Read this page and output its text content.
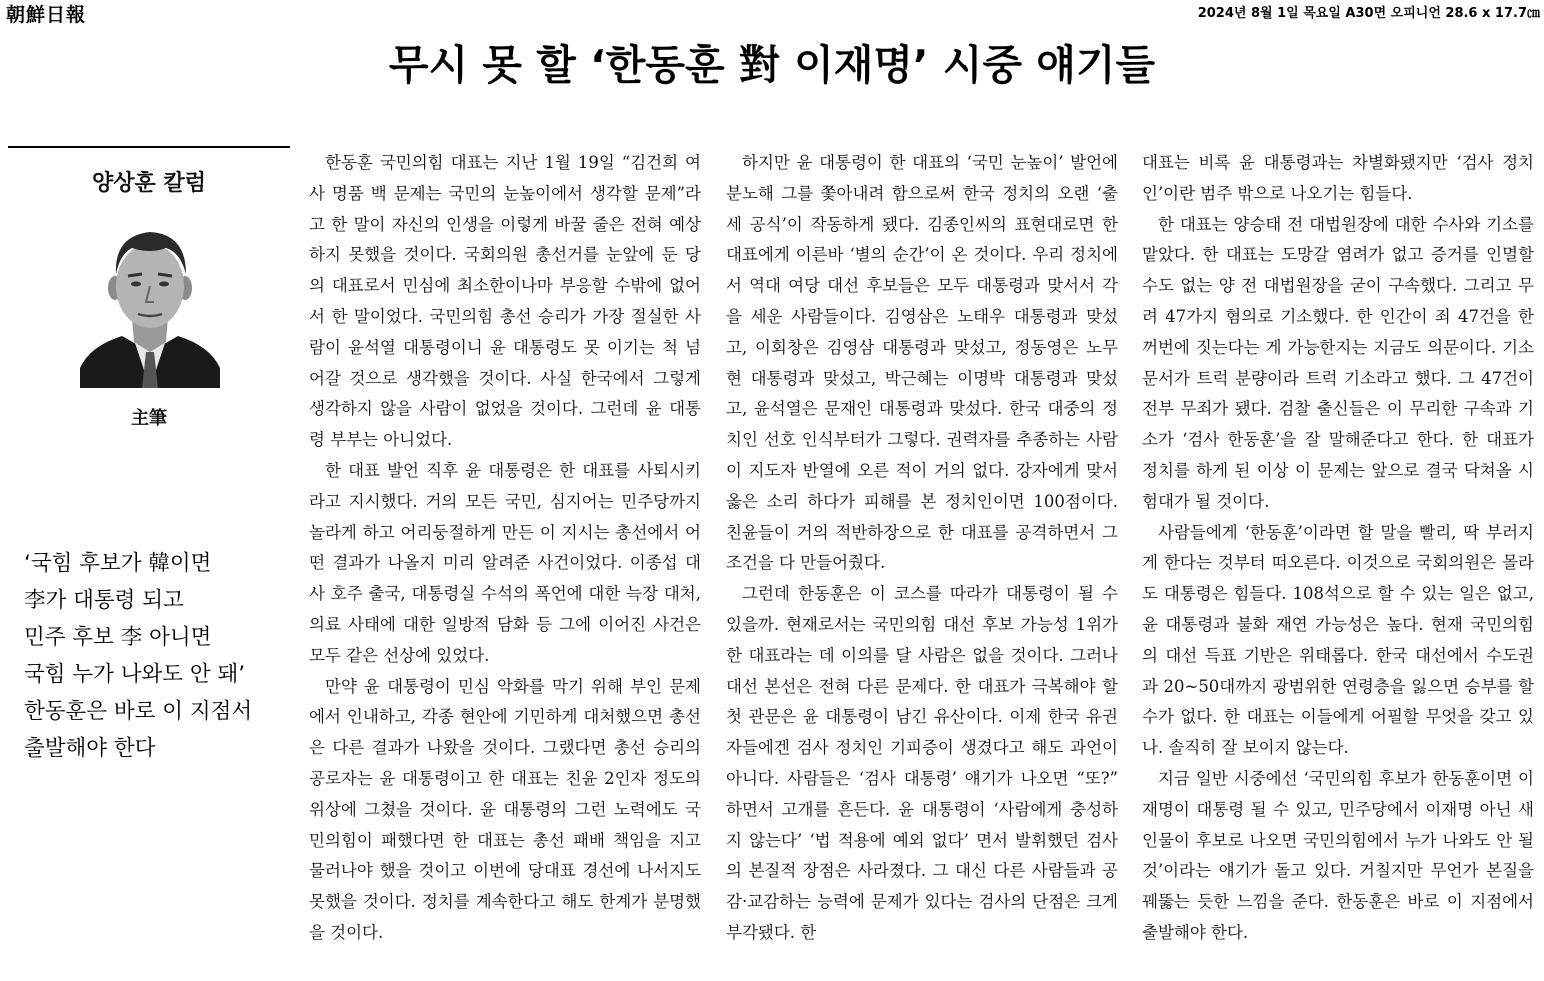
朝鮮日報	2024년 8월 1일 목요일 A30면 오피니언 28.6 x 17.7㎝
무시 못 할 ‘한동훈 對 이재명’ 시중 얘기들
양상훈 칼럼
主筆
‘국힘 후보가 韓이면
李가 대통령 되고
민주 후보 李 아니면
국힘 누가 나와도 안 돼’
한동훈은 바로 이 지점서
출발해야 한다

한동훈 국민의힘 대표는 지난 1월 19일 “김건희 여사 명품 백 문제는 국민의 눈높이에서 생각할 문제”라고 한 말이 자신의 인생을 이렇게 바꿀 줄은 전혀 예상하지 못했을 것이다. 국회의원 총선거를 눈앞에 둔 당의 대표로서 민심에 최소한이나마 부응할 수밖에 없어서 한 말이었다. 국민의힘 총선 승리가 가장 절실한 사람이 윤석열 대통령이니 윤 대통령도 못 이기는 척 넘어갈 것으로 생각했을 것이다. 사실 한국에서 그렇게 생각하지 않을 사람이 없었을 것이다. 그런데 윤 대통령 부부는 아니었다.

한 대표 발언 직후 윤 대통령은 한 대표를 사퇴시키라고 지시했다. 거의 모든 국민, 심지어는 민주당까지 놀라게 하고 어리둥절하게 만든 이 지시는 총선에서 어떤 결과가 나올지 미리 알려준 사건이었다. 이종섭 대사 호주 출국, 대통령실 수석의 폭언에 대한 늑장 대처, 의료 사태에 대한 일방적 담화 등 그에 이어진 사건은 모두 같은 선상에 있었다.

만약 윤 대통령이 민심 악화를 막기 위해 부인 문제에서 인내하고, 각종 현안에 기민하게 대처했으면 총선은 다른 결과가 나왔을 것이다. 그랬다면 총선 승리의 공로자는 윤 대통령이고 한 대표는 친윤 2인자 정도의 위상에 그쳤을 것이다. 윤 대통령의 그런 노력에도 국민의힘이 패했다면 한 대표는 총선 패배 책임을 지고 물러나야 했을 것이고 이번에 당대표 경선에 나서지도 못했을 것이다. 정치를 계속한다고 해도 한계가 분명했을 것이다.

하지만 윤 대통령이 한 대표의 ‘국민 눈높이’ 발언에 분노해 그를 쫓아내려 함으로써 한국 정치의 오랜 ‘출세 공식’이 작동하게 됐다. 김종인씨의 표현대로면 한 대표에게 이른바 ‘별의 순간’이 온 것이다. 우리 정치에서 역대 여당 대선 후보들은 모두 대통령과 맞서서 각을 세운 사람들이다. 김영삼은 노태우 대통령과 맞섰고, 이회창은 김영삼 대통령과 맞섰고, 정동영은 노무현 대통령과 맞섰고, 박근혜는 이명박 대통령과 맞섰고, 윤석열은 문재인 대통령과 맞섰다. 한국 대중의 정치인 선호 인식부터가 그렇다. 권력자를 추종하는 사람이 지도자 반열에 오른 적이 거의 없다. 강자에게 맞서 옳은 소리 하다가 피해를 본 정치인이면 100점이다. 친윤들이 거의 적반하장으로 한 대표를 공격하면서 그 조건을 다 만들어줬다.

그런데 한동훈은 이 코스를 따라가 대통령이 될 수 있을까. 현재로서는 국민의힘 대선 후보 가능성 1위가 한 대표라는 데 이의를 달 사람은 없을 것이다. 그러나 대선 본선은 전혀 다른 문제다. 한 대표가 극복해야 할 첫 관문은 윤 대통령이 남긴 유산이다. 이제 한국 유권자들에겐 검사 정치인 기피증이 생겼다고 해도 과언이 아니다. 사람들은 ‘검사 대통령’ 얘기가 나오면 “또?” 하면서 고개를 흔든다. 윤 대통령이 ‘사람에게 충성하지 않는다’ ‘법 적용에 예외 없다’ 면서 발휘했던 검사의 본질적 장점은 사라졌다. 그 대신 다른 사람들과 공감·교감하는 능력에 문제가 있다는 검사의 단점은 크게 부각됐다. 한

대표는 비록 윤 대통령과는 차별화됐지만 ‘검사 정치인’이란 범주 밖으로 나오기는 힘들다.

한 대표는 양승태 전 대법원장에 대한 수사와 기소를 맡았다. 한 대표는 도망갈 염려가 없고 증거를 인멸할 수도 없는 양 전 대법원장을 굳이 구속했다. 그리고 무려 47가지 혐의로 기소했다. 한 인간이 죄 47건을 한꺼번에 짓는다는 게 가능한지는 지금도 의문이다. 기소 문서가 트럭 분량이라 트럭 기소라고 했다. 그 47건이 전부 무죄가 됐다. 검찰 출신들은 이 무리한 구속과 기소가 ‘검사 한동훈’을 잘 말해준다고 한다. 한 대표가 정치를 하게 된 이상 이 문제는 앞으로 결국 닥쳐올 시험대가 될 것이다.

사람들에게 ‘한동훈’이라면 할 말을 빨리, 딱 부러지게 한다는 것부터 떠오른다. 이것으로 국회의원은 몰라도 대통령은 힘들다. 108석으로 할 수 있는 일은 없고, 윤 대통령과 불화 재연 가능성은 높다. 현재 국민의힘의 대선 득표 기반은 위태롭다. 한국 대선에서 수도권과 20~50대까지 광범위한 연령층을 잃으면 승부를 할 수가 없다. 한 대표는 이들에게 어필할 무엇을 갖고 있나. 솔직히 잘 보이지 않는다.

지금 일반 시중에선 ‘국민의힘 후보가 한동훈이면 이재명이 대통령 될 수 있고, 민주당에서 이재명 아닌 새 인물이 후보로 나오면 국민의힘에서 누가 나와도 안 될 것’이라는 얘기가 돌고 있다. 거칠지만 무언가 본질을 꿰뚫는 듯한 느낌을 준다. 한동훈은 바로 이 지점에서 출발해야 한다.
